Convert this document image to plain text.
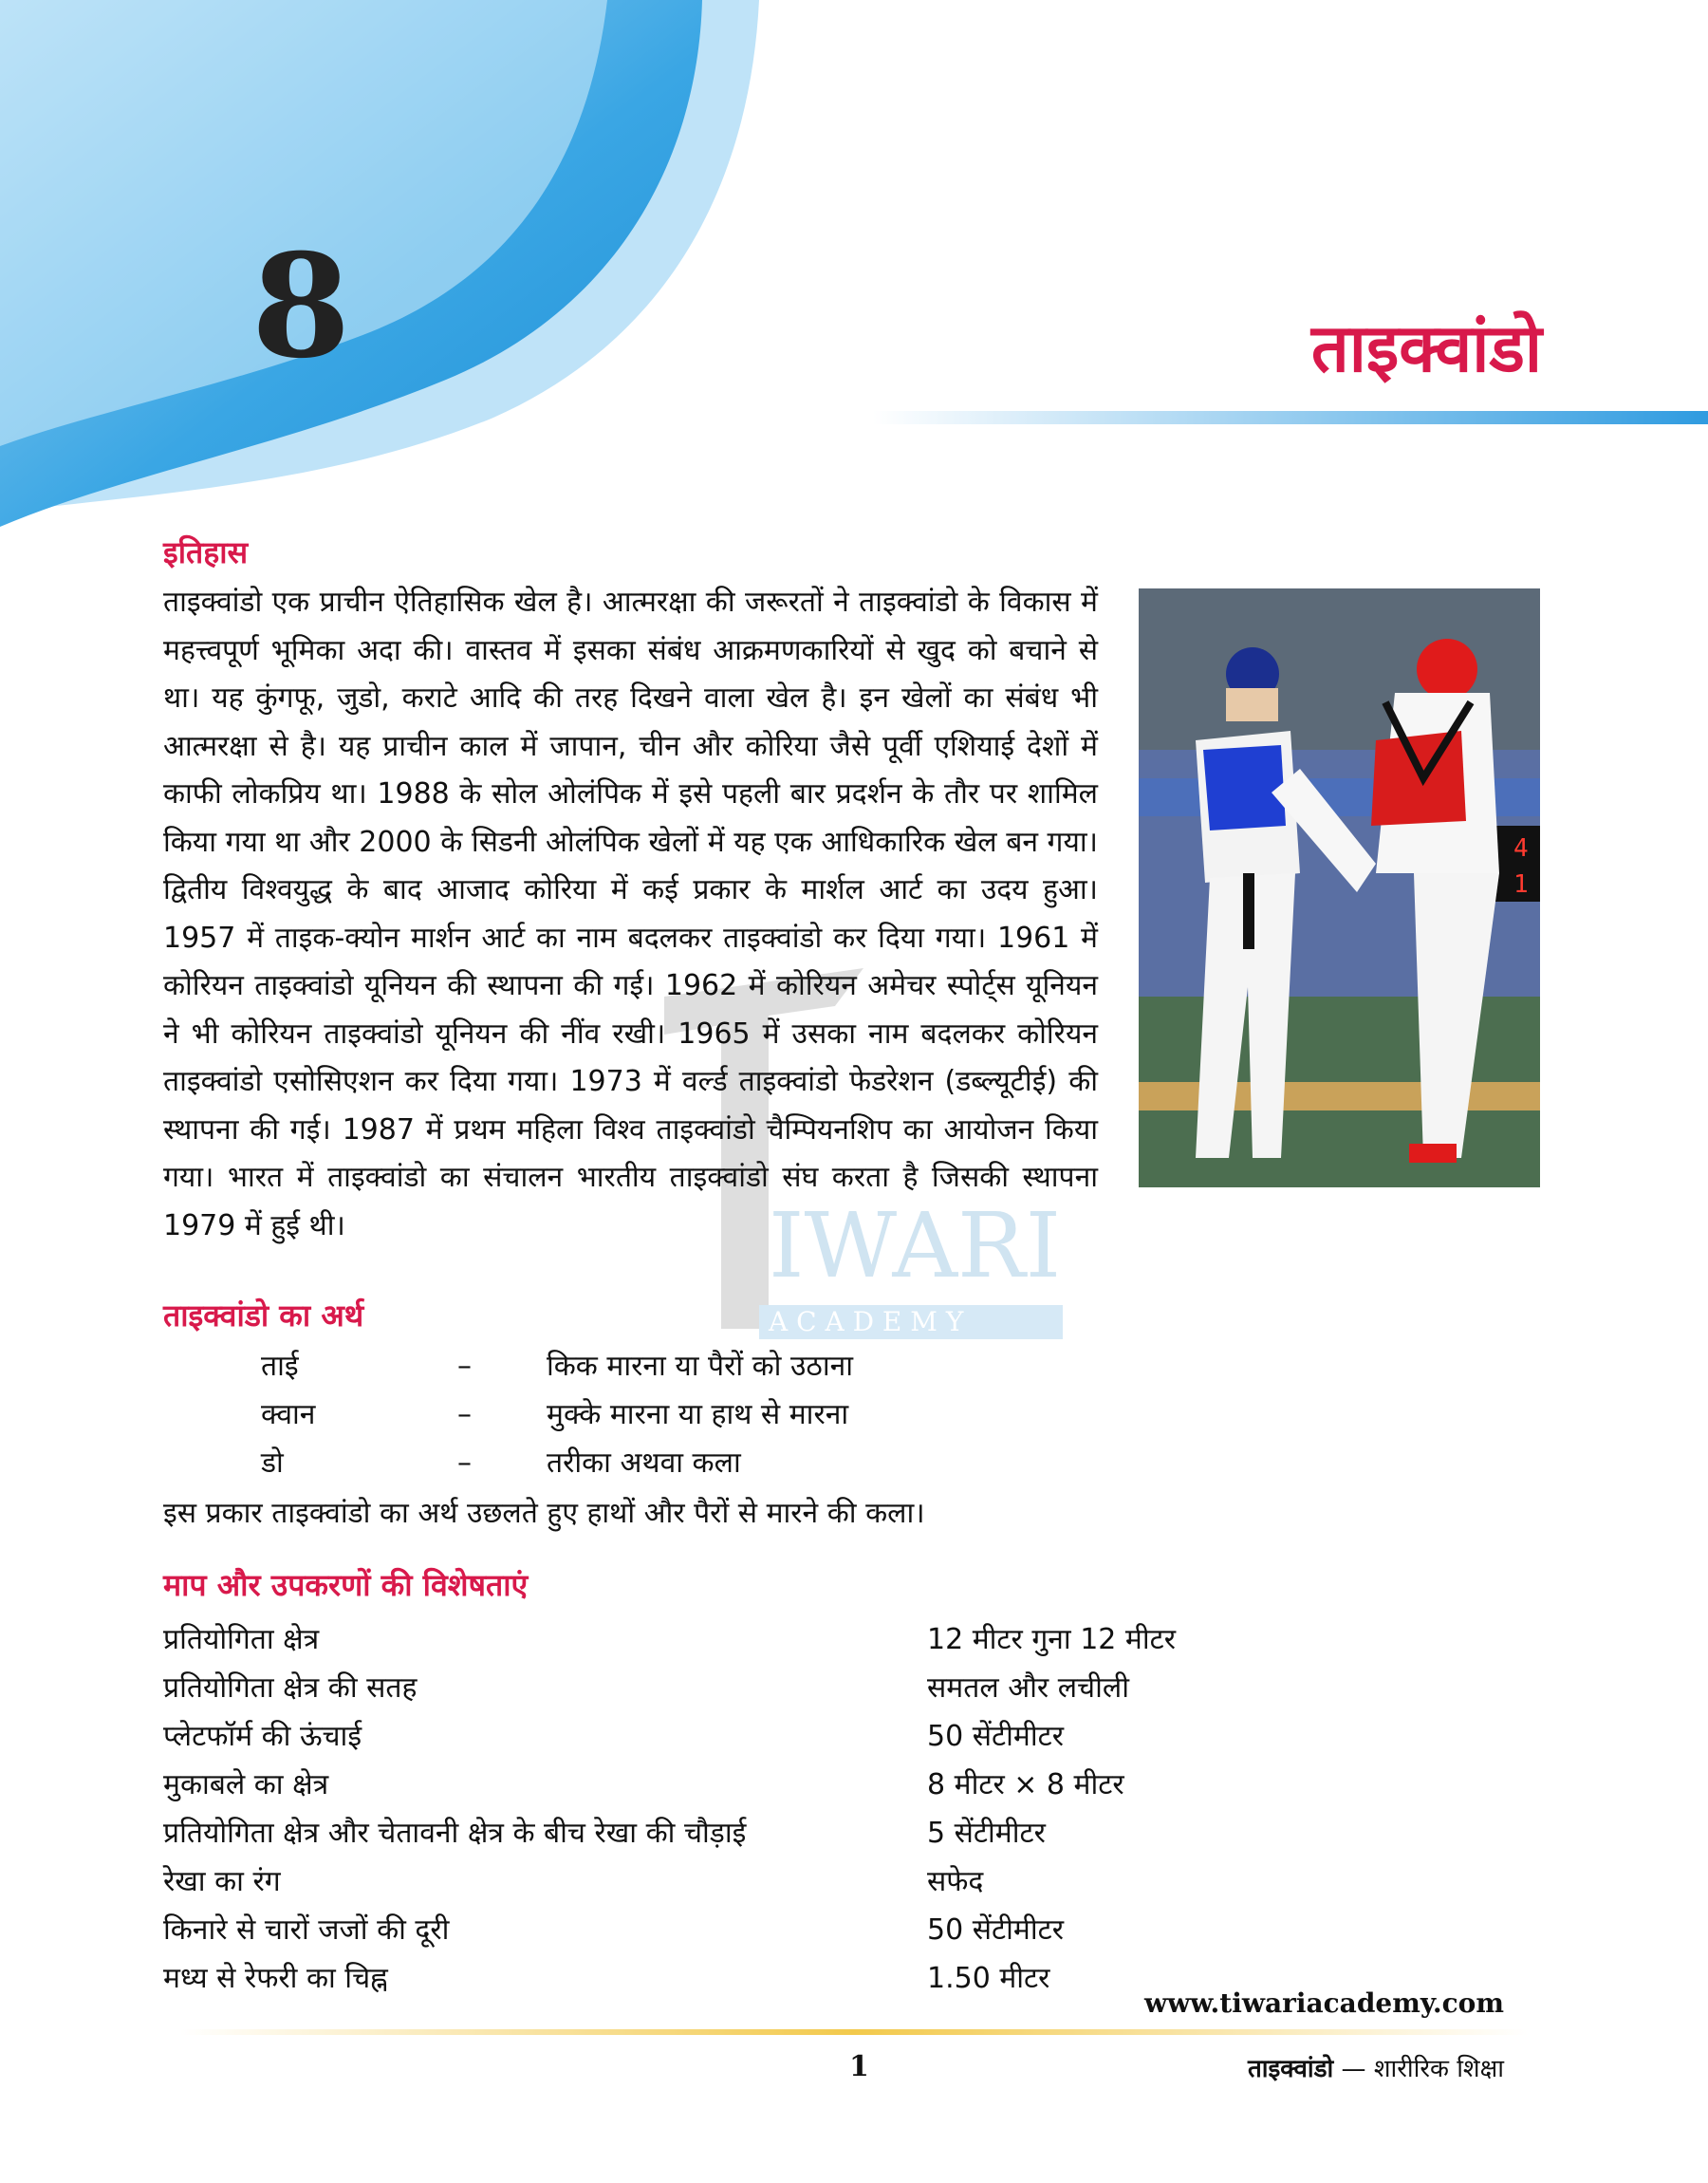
8	ताइक्वांडो
IWARI
A C A D E M Y
इतिहास
ताइक्वांडो एक प्राचीन ऐतिहासिक खेल है। आत्मरक्षा की जरूरतों ने ताइक्वांडो के विकास में महत्त्वपूर्ण भूमिका अदा की। वास्तव में इसका संबंध आक्रमणकारियों से खुद को बचाने से था। यह कुंगफू, जुडो, कराटे आदि की तरह दिखने वाला खेल है। इन खेलों का संबंध भी आत्मरक्षा से है। यह प्राचीन काल में जापान, चीन और कोरिया जैसे पूर्वी एशियाई देशों में काफी लोकप्रिय था। 1988 के सोल ओलंपिक में इसे पहली बार प्रदर्शन के तौर पर शामिल किया गया था और 2000 के सिडनी ओलंपिक खेलों में यह एक आधिकारिक खेल बन गया। द्वितीय विश्वयुद्ध के बाद आजाद कोरिया में कई प्रकार के मार्शल आर्ट का उदय हुआ। 1957 में ताइक-क्योन मार्शन आर्ट का नाम बदलकर ताइक्वांडो कर दिया गया। 1961 में कोरियन ताइक्वांडो यूनियन की स्थापना की गई। 1962 में कोरियन अमेचर स्पोर्ट्स यूनियन ने भी कोरियन ताइक्वांडो यूनियन की नींव रखी। 1965 में उसका नाम बदलकर कोरियन ताइक्वांडो एसोसिएशन कर दिया गया। 1973 में वर्ल्ड ताइक्वांडो फेडरेशन (डब्ल्यूटीई) की स्थापना की गई। 1987 में प्रथम महिला विश्व ताइक्वांडो चैम्पियनशिप का आयोजन किया गया। भारत में ताइक्वांडो का संचालन भारतीय ताइक्वांडो संघ करता है जिसकी स्थापना 1979 में हुई थी।
4
1
ताइक्वांडो का अर्थ
ताई	–	किक मारना या पैरों को उठाना
क्वान	–	मुक्के मारना या हाथ से मारना
डो	–	तरीका अथवा कला
इस प्रकार ताइक्वांडो का अर्थ उछलते हुए हाथों और पैरों से मारने की कला।
माप और उपकरणों की विशेषताएं
प्रतियोगिता क्षेत्र	12 मीटर गुना 12 मीटर
प्रतियोगिता क्षेत्र की सतह	समतल और लचीली
प्लेटफॉर्म की ऊंचाई	50 सेंटीमीटर
मुकाबले का क्षेत्र	8 मीटर × 8 मीटर
प्रतियोगिता क्षेत्र और चेतावनी क्षेत्र के बीच रेखा की चौड़ाई	5 सेंटीमीटर
रेखा का रंग	सफेद
किनारे से चारों जजों की दूरी	50 सेंटीमीटर
मध्य से रेफरी का चिह्न	1.50 मीटर
www.tiwariacademy.com
1	ताइक्वांडो — शारीरिक शिक्षा
